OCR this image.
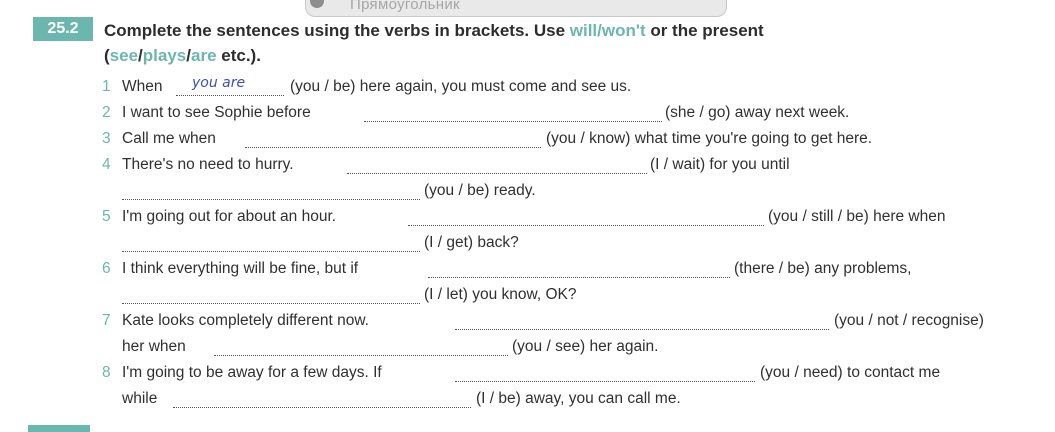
Прямоугольник
25.2	Complete the sentences using the verbs in brackets. Use will/won't or the present
(see/plays/are etc.).
1 When you are	(you / be) here again, you must come and see us.
2 I want to see Sophie before	(she / go) away next week.
3 Call me when	(you / know) what time you're going to get here.
4 There's no need to hurry.	(I / wait) for you until
(you / be) ready.
5 I'm going out for about an hour.	(you / still / be) here when
(I / get) back?
6 I think everything will be fine, but if	(there / be) any problems,
(I / let) you know, OK?
7 Kate looks completely different now.	(you / not / recognise)
her when	(you / see) her again.
8 I'm going to be away for a few days. If	(you / need) to contact me
while	(I / be) away, you can call me.
